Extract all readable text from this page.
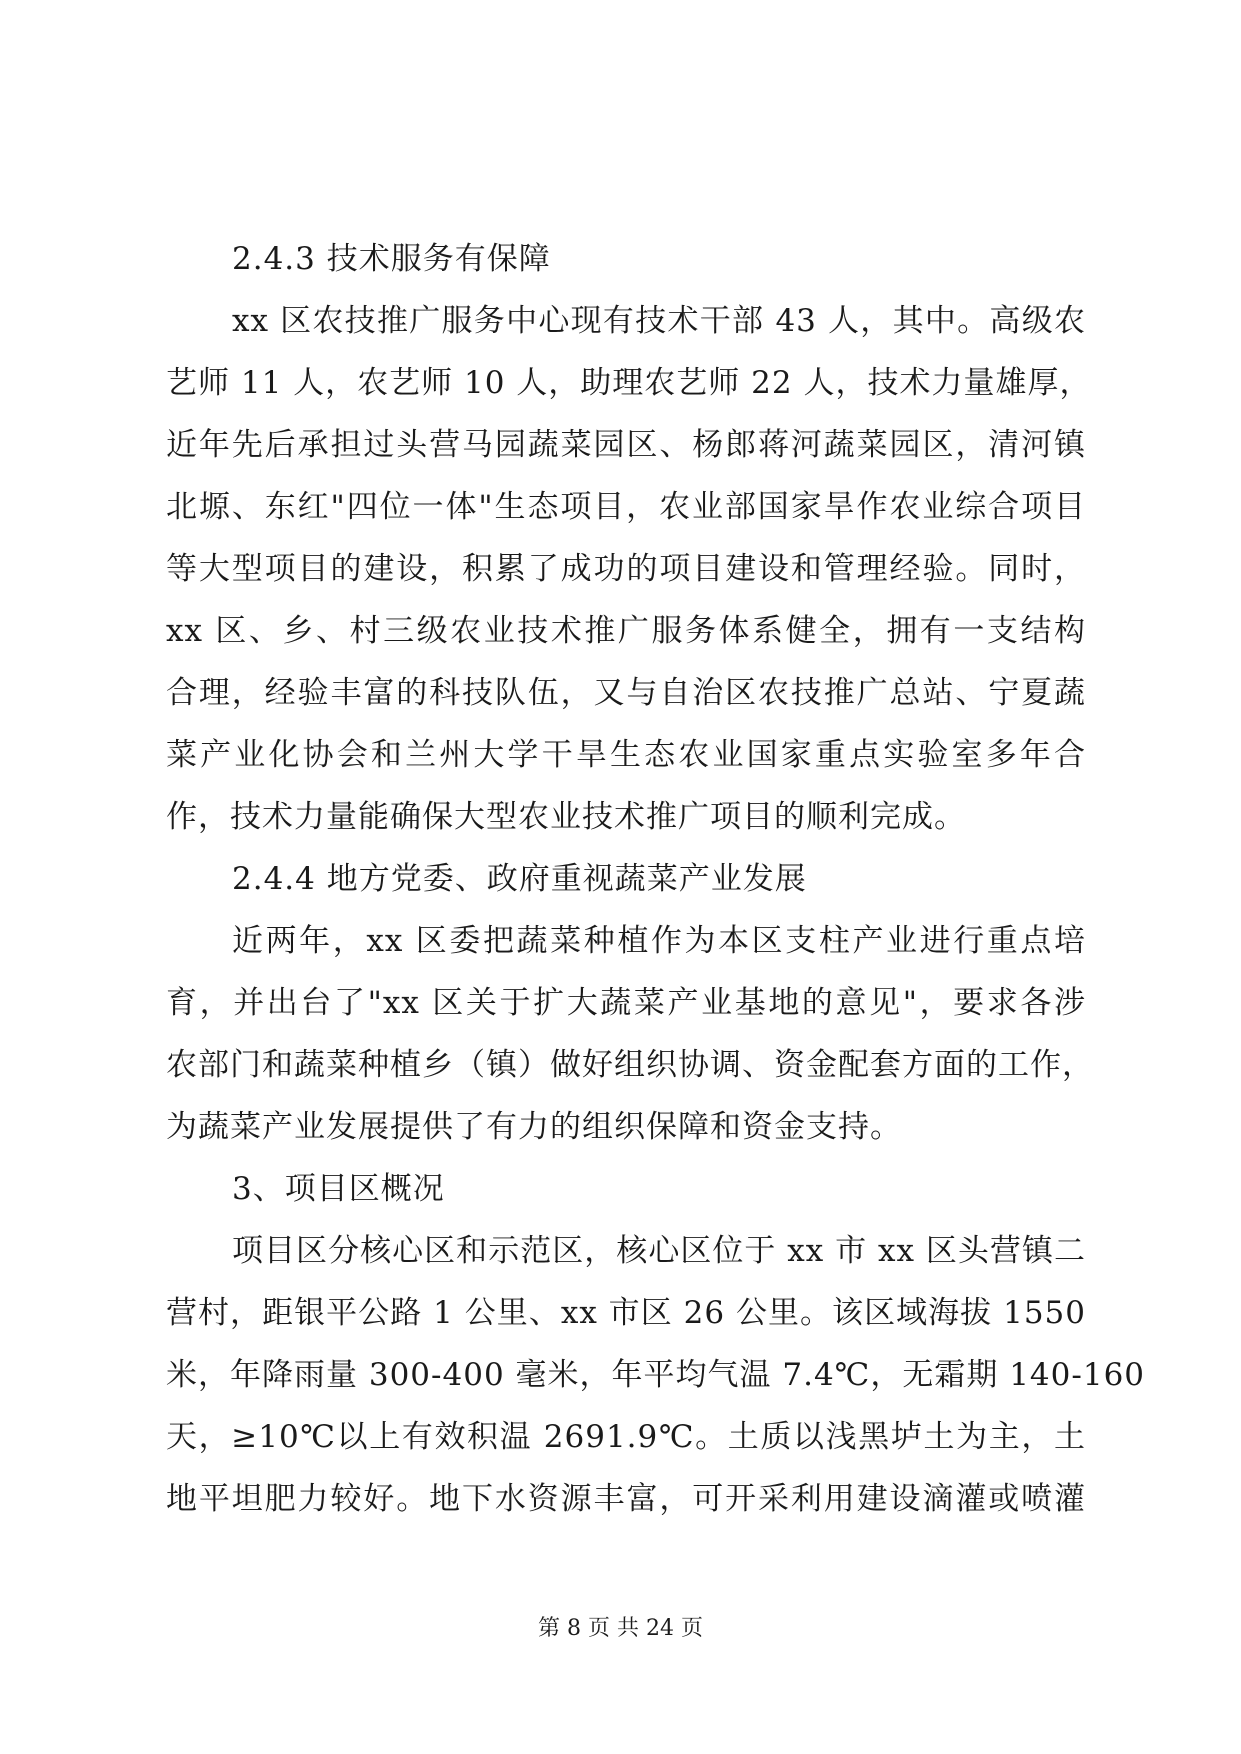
2.4.3 技术服务有保障

xx 区农技推广服务中心现有技术干部 43 人，其中。高级农

艺师 11 人，农艺师 10 人，助理农艺师 22 人，技术力量雄厚，

近年先后承担过头营马园蔬菜园区、杨郎蒋河蔬菜园区，清河镇

北塬、东红"四位一体"生态项目，农业部国家旱作农业综合项目

等大型项目的建设，积累了成功的项目建设和管理经验。同时，

xx 区、乡、村三级农业技术推广服务体系健全，拥有一支结构

合理，经验丰富的科技队伍，又与自治区农技推广总站、宁夏蔬

菜产业化协会和兰州大学干旱生态农业国家重点实验室多年合

作，技术力量能确保大型农业技术推广项目的顺利完成。

2.4.4 地方党委、政府重视蔬菜产业发展

近两年，xx 区委把蔬菜种植作为本区支柱产业进行重点培

育，并出台了"xx 区关于扩大蔬菜产业基地的意见"，要求各涉

农部门和蔬菜种植乡（镇）做好组织协调、资金配套方面的工作，

为蔬菜产业发展提供了有力的组织保障和资金支持。

3、项目区概况

项目区分核心区和示范区，核心区位于 xx 市 xx 区头营镇二

营村，距银平公路 1 公里、xx 市区 26 公里。该区域海拔 1550

米，年降雨量 300-400 毫米，年平均气温 7.4℃，无霜期 140-160

天，≥10℃以上有效积温 2691.9℃。土质以浅黑垆土为主，土

地平坦肥力较好。地下水资源丰富，可开采利用建设滴灌或喷灌

第 8 页 共 24 页
